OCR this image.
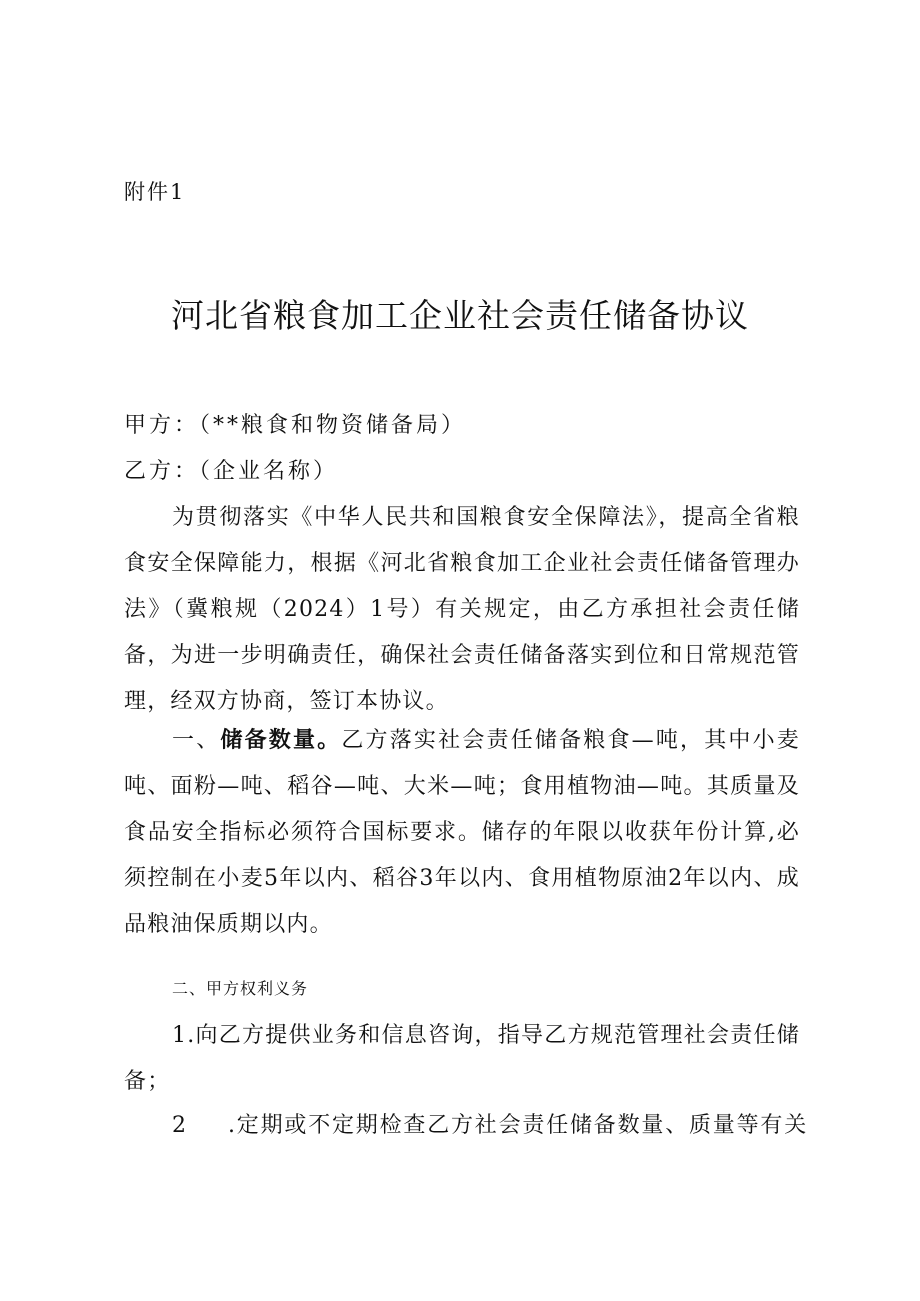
附件1
河北省粮食加工企业社会责任储备协议
甲方：（**粮食和物资储备局）
乙方：（企业名称）
为贯彻落实《中华人民共和国粮食安全保障法》，提高全省粮食安全保障能力，根据《河北省粮食加工企业社会责任储备管理办法》（冀粮规（2024）1号）有关规定，由乙方承担社会责任储备，为进一步明确责任，确保社会责任储备落实到位和日常规范管理，经双方协商，签订本协议。
一、储备数量。乙方落实社会责任储备粮食—吨，其中小麦吨、面粉—吨、稻谷—吨、大米—吨；食用植物油—吨。其质量及食品安全指标必须符合国标要求。储存的年限以收获年份计算,必须控制在小麦5年以内、稻谷3年以内、食用植物原油2年以内、成品粮油保质期以内。
二、甲方权利义务
1.向乙方提供业务和信息咨询，指导乙方规范管理社会责任储备；
2 .定期或不定期检查乙方社会责任储备数量、质量等有关
